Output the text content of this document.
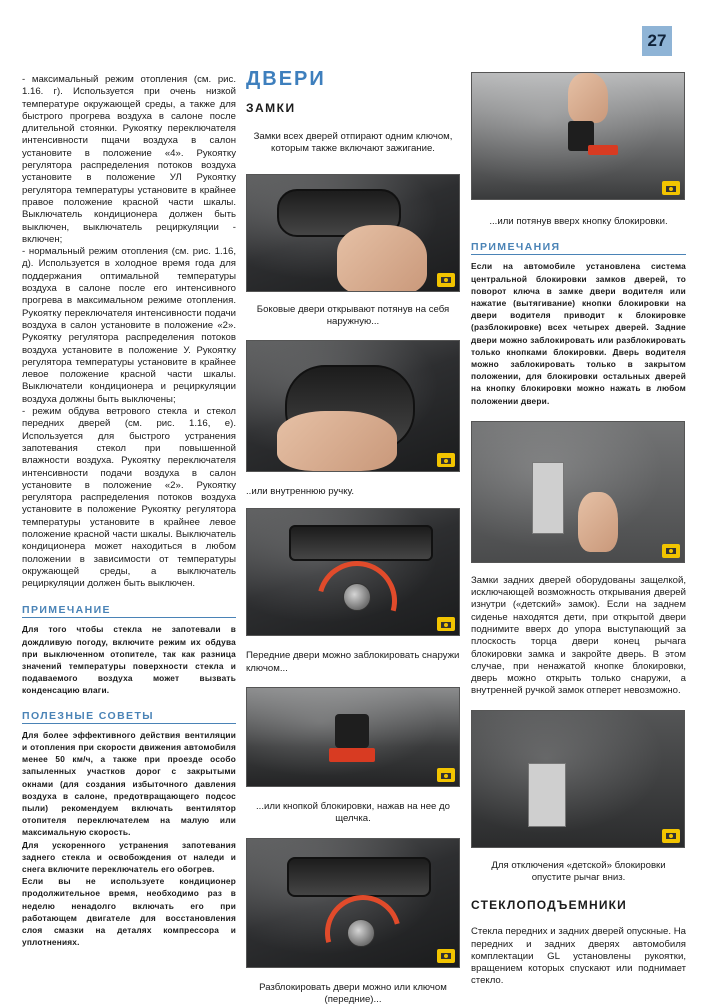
27

- максимальный режим отопления (см. рис. 1.16. г). Используется при очень низкой температуре окружающей среды, а также для быстрого прогрева воздуха в салоне после длительной стоянки. Рукоятку переключателя интенсивности пщачи воздуха в салон установите в положение «4». Рукоятку регулятора распределения потоков воздуха установите в положение УЛ Рукоятку регулятора температуры установите в крайнее правое положение красной части шкалы. Выключатель кондиционера должен быть выключен, выключатель рециркуляции - включен;

- нормальный режим отопления (см. рис. 1.16, д). Используется в холодное время года для поддержания оптимальной температуры воздуха в салоне после его интенсивного прогрева в максимальном режиме отопления. Рукоятку переключателя интенсивности подачи воздуха в салон установите в положение «2». Рукоятку регулятора распределения потоков воздуха установите в положение У. Рукоятку регулятора температуры установите в крайнее левое положение красной части шкалы. Выключатели кондиционера и рециркуляции воздуха должны быть выключены;

- режим обдува ветрового стекла и стекол передних дверей (см. рис. 1.16, е). Используется для быстрого устранения запотевания стекол при повышенной влажности воздуха. Рукоятку переключателя интенсивности подачи воздуха в салон установите в положение «2». Рукоятку регулятора распределения потоков воздуха установите в положение Рукоятку регулятора температуры установите в крайнее левое положение красной части шкалы. Выключатель кондиционера может находиться в любом положении в зависимости от температуры окружающей среды, а выключатель рециркуляции должен быть выключен.

ПРИМЕЧАНИЕ

Для того чтобы стекла не запотевали в дождливую погоду, включите режим их обдува при выключенном отопителе, так как разница значений температуры поверхности стекла и подаваемого воздуха может вызвать конденсацию влаги.

ПОЛЕЗНЫЕ СОВЕТЫ

Для более эффективного действия вентиляции и отопления при скорости движения автомобиля менее 50 км/ч, а также при проезде особо запыленных участков дорог с закрытыми окнами (для создания избыточного давления воздуха в салоне, предотвращающего подсос пыли) рекомендуем включать вентилятор отопителя переключателем на малую или максимальную скорость.

Для ускоренного устранения запотевания заднего стекла и освобождения от наледи и снега включите переключатель его обогрев.

Если вы не используете кондиционер продолжительное время, необходимо раз в неделю ненадолго включать его при работающем двигателе для восстановления слоя смазки на деталях компрессора и уплотнениях.

ДВЕРИ
ЗАМКИ

Замки всех дверей отпирают одним ключом, которым также включают зажигание.

Боковые двери открывают потянув на себя наружную...

..или внутреннюю ручку.

Передние двери можно заблокировать снаружи ключом...

...или кнопкой блокировки, нажав на нее до щелчка.

Разблокировать двери можно или ключом (передние)...

...или потянув вверх кнопку блокировки.

ПРИМЕЧАНИЯ

Если на автомобиле установлена система центральной блокировки замков дверей, то поворот ключа в замке двери водителя или нажатие (вытягивание) кнопки блокировки на двери водителя приводит к блокировке (разблокировке) всех четырех дверей. Задние двери можно заблокировать или разблокировать только кнопками блокировки. Дверь водителя можно заблокировать только в закрытом положении, для блокировки остальных дверей на кнопку блокировки можно нажать в любом положении двери.

Замки задних дверей оборудованы защелкой, исключающей возможность открывания дверей изнутри («детский» замок). Если на заднем сиденье находятся дети, при открытой двери поднимите вверх до упора выступающий за плоскость торца двери конец рычага блокировки замка и закройте дверь. В этом случае, при ненажатой кнопке блокировки, дверь можно открыть только снаружи, а внутренней ручкой замок отперет невозможно.

Для отключения «детской» блокировки опустите рычаг вниз.

СТЕКЛОПОДЪЕМНИКИ

Стекла передних и задних дверей опускные. На передних и задних дверях автомобиля комплектации GL установлены рукоятки, вращением которых спускают или поднимает стекло.
